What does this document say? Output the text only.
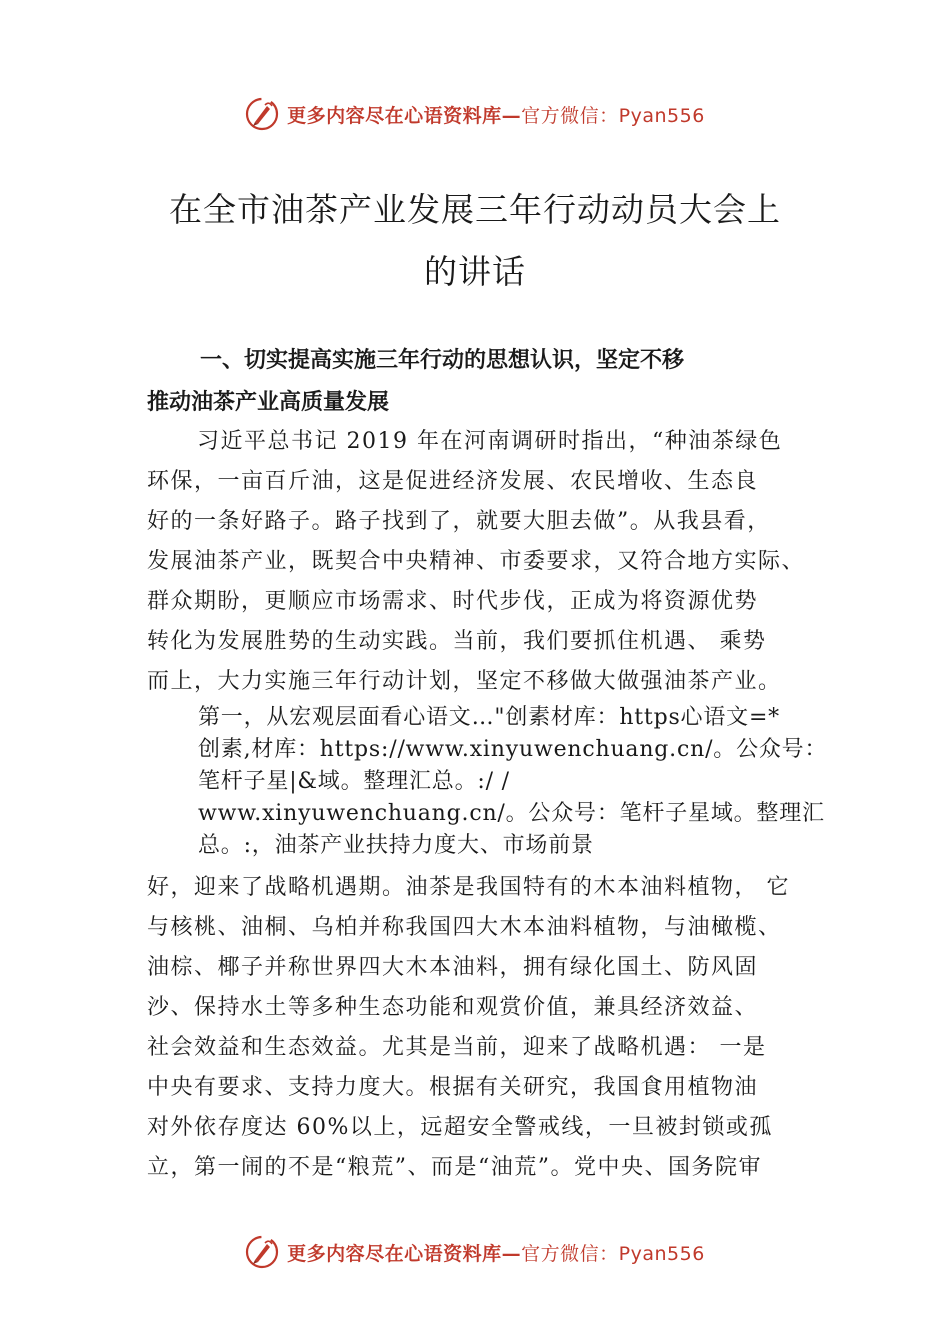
更多内容尽在心语资料库—官方微信：Pyan556
在全市油茶产业发展三年行动动员大会上
的讲话
一、切实提高实施三年行动的思想认识，坚定不移
推动油茶产业高质量发展
习近平总书记 2019 年在河南调研时指出，“种油茶绿色
环保，一亩百斤油，这是促进经济发展、农民增收、生态良
好的一条好路子。路子找到了，就要大胆去做”。从我县看，
发展油茶产业，既契合中央精神、市委要求，又符合地方实际、
群众期盼，更顺应市场需求、时代步伐，正成为将资源优势
转化为发展胜势的生动实践。当前，我们要抓住机遇、 乘势
而上，大力实施三年行动计划，坚定不移做大做强油茶产业。
第一，从宏观层面看心语文…"创素材库：https心语文=*
创素,材库：https://www.xinyuwenchuang.cn/。公众号：
笔杆子星|&域。整理汇总。:/ /
www.xinyuwenchuang.cn/。公众号：笔杆子星域。整理汇
总。:，油茶产业扶持力度大、市场前景
好，迎来了战略机遇期。油茶是我国特有的木本油料植物， 它
与核桃、油桐、乌柏并称我国四大木本油料植物，与油橄榄、
油棕、椰子并称世界四大木本油料，拥有绿化国土、防风固
沙、保持水土等多种生态功能和观赏价值，兼具经济效益、
社会效益和生态效益。尤其是当前，迎来了战略机遇： 一是
中央有要求、支持力度大。根据有关研究，我国食用植物油
对外依存度达 60%以上，远超安全警戒线，一旦被封锁或孤
立，第一闹的不是“粮荒”、而是“油荒”。党中央、国务院审
更多内容尽在心语资料库—官方微信：Pyan556
